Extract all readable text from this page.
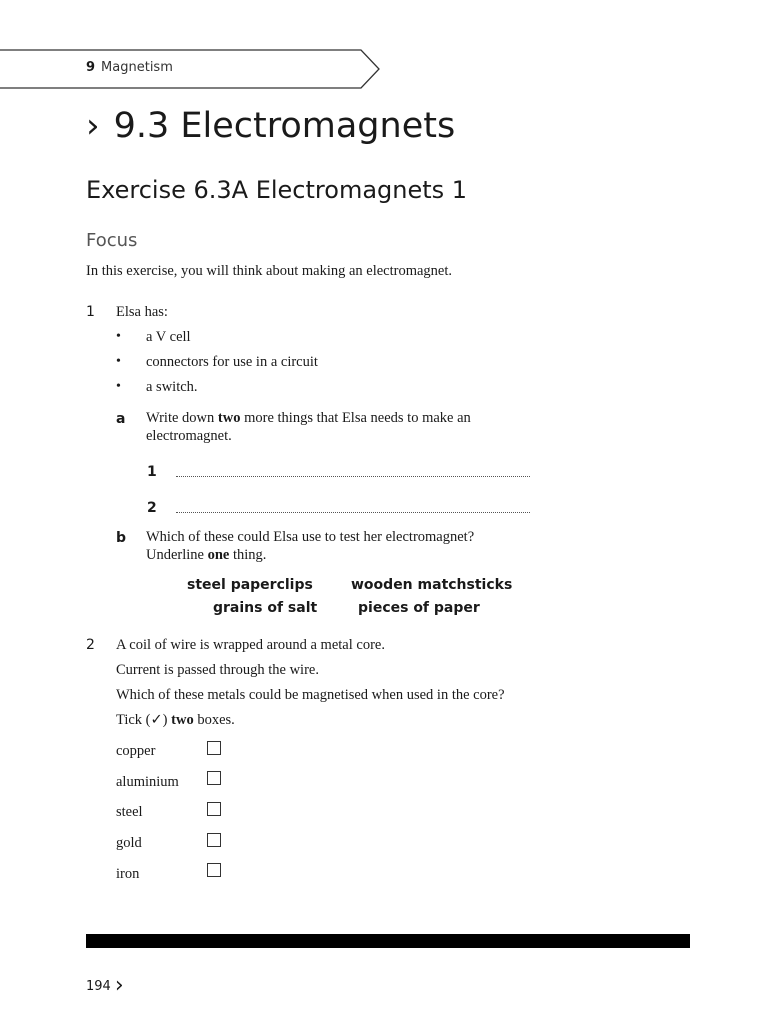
9 Magnetism
› 9.3 Electromagnets
Exercise 6.3A Electromagnets 1
Focus
In this exercise, you will think about making an electromagnet.
1 Elsa has:
• a V cell
• connectors for use in a circuit
• a switch.
a Write down two more things that Elsa needs to make an electromagnet.
1
2
b Which of these could Elsa use to test her electromagnet?
Underline one thing.
steel paperclips	wooden matchsticks
grains of salt	pieces of paper
2 A coil of wire is wrapped around a metal core.
Current is passed through the wire.
Which of these metals could be magnetised when used in the core?
Tick (✓) two boxes.
copper
aluminium
steel
gold
iron
194 ›
